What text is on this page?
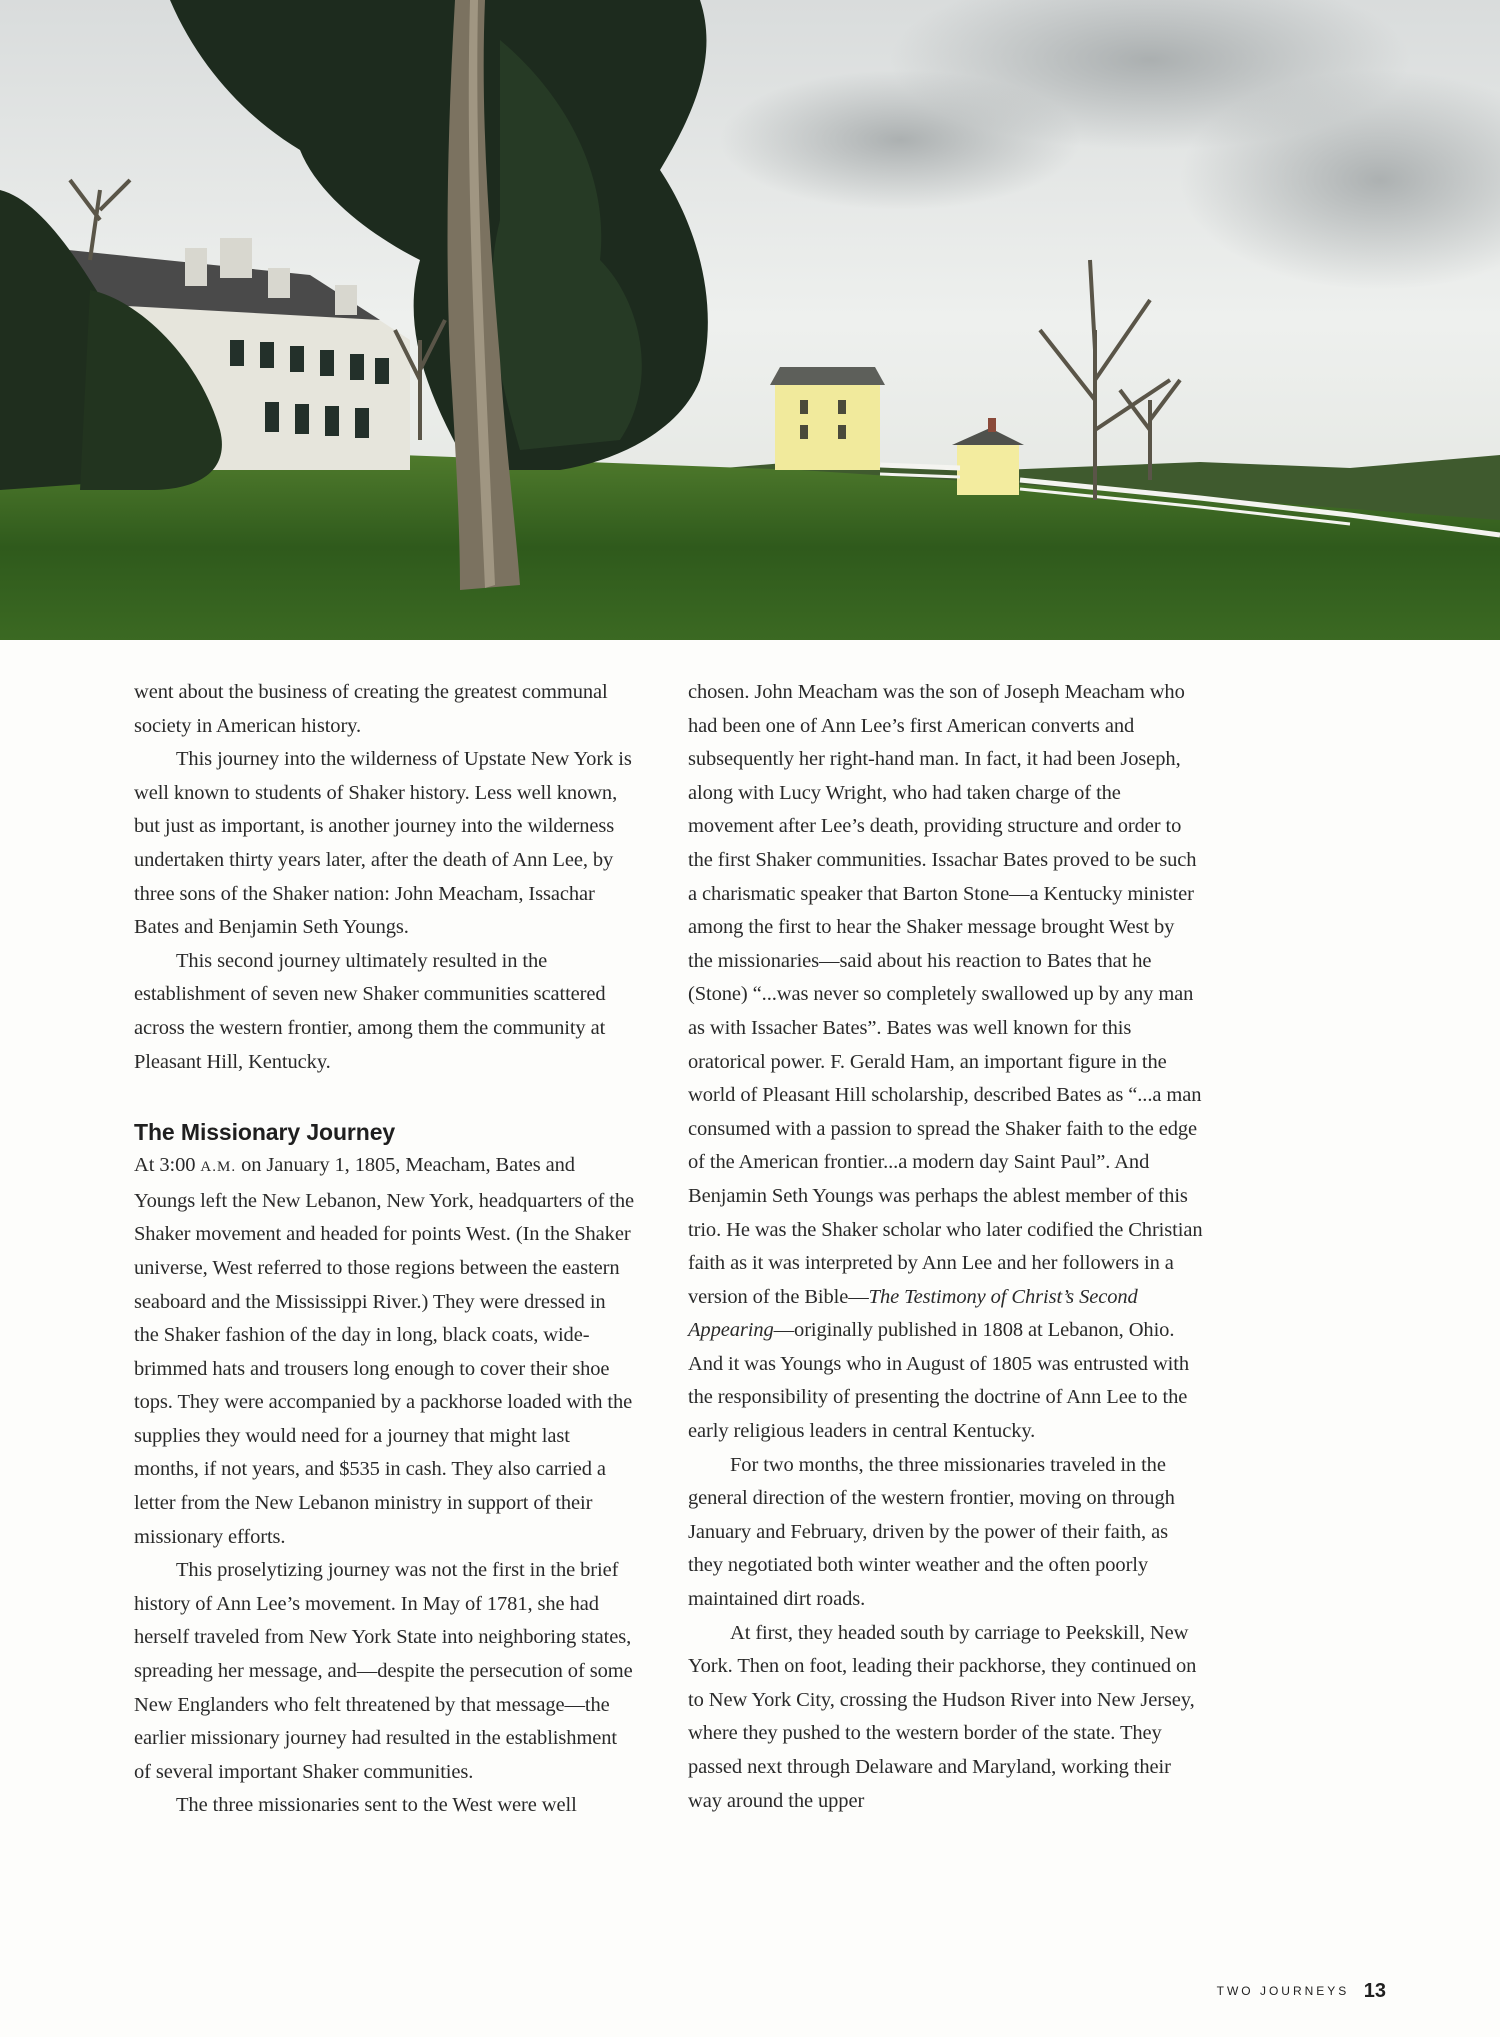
went about the business of creating the greatest communal society in American history.

This journey into the wilderness of Upstate New York is well known to students of Shaker history. Less well known, but just as important, is another journey into the wilderness undertaken thirty years later, after the death of Ann Lee, by three sons of the Shaker nation: John Meacham, Issachar Bates and Benjamin Seth Youngs.

This second journey ultimately resulted in the establishment of seven new Shaker communities scattered across the western frontier, among them the community at Pleasant Hill, Kentucky.

The Missionary Journey

At 3:00 A.M. on January 1, 1805, Meacham, Bates and Youngs left the New Lebanon, New York, headquarters of the Shaker movement and headed for points West. (In the Shaker universe, West referred to those regions between the eastern seaboard and the Mississippi River.) They were dressed in the Shaker fashion of the day in long, black coats, wide-brimmed hats and trousers long enough to cover their shoe tops. They were accompanied by a packhorse loaded with the supplies they would need for a journey that might last months, if not years, and $535 in cash. They also carried a letter from the New Lebanon ministry in support of their missionary efforts.

This proselytizing journey was not the first in the brief history of Ann Lee’s movement. In May of 1781, she had herself traveled from New York State into neighboring states, spreading her message, and—despite the persecution of some New Englanders who felt threatened by that message—the earlier missionary journey had resulted in the establishment of several important Shaker communities.

The three missionaries sent to the West were well

chosen. John Meacham was the son of Joseph Meacham who had been one of Ann Lee’s first American converts and subsequently her right-hand man. In fact, it had been Joseph, along with Lucy Wright, who had taken charge of the movement after Lee’s death, providing structure and order to the first Shaker communities. Issachar Bates proved to be such a charismatic speaker that Barton Stone—a Kentucky minister among the first to hear the Shaker message brought West by the missionaries—said about his reaction to Bates that he (Stone) “...was never so completely swallowed up by any man as with Issacher Bates”. Bates was well known for this oratorical power. F. Gerald Ham, an important figure in the world of Pleasant Hill scholarship, described Bates as “...a man consumed with a passion to spread the Shaker faith to the edge of the American frontier...a modern day Saint Paul”. And Benjamin Seth Youngs was perhaps the ablest member of this trio. He was the Shaker scholar who later codified the Christian faith as it was interpreted by Ann Lee and her followers in a version of the Bible—The Testimony of Christ’s Second Appearing—originally published in 1808 at Lebanon, Ohio. And it was Youngs who in August of 1805 was entrusted with the responsibility of presenting the doctrine of Ann Lee to the early religious leaders in central Kentucky.

For two months, the three missionaries traveled in the general direction of the western frontier, moving on through January and February, driven by the power of their faith, as they negotiated both winter weather and the often poorly maintained dirt roads.

At first, they headed south by carriage to Peekskill, New York. Then on foot, leading their packhorse, they continued on to New York City, crossing the Hudson River into New Jersey, where they pushed to the western border of the state. They passed next through Delaware and Maryland, working their way around the upper

TWO JOURNEYS 13
